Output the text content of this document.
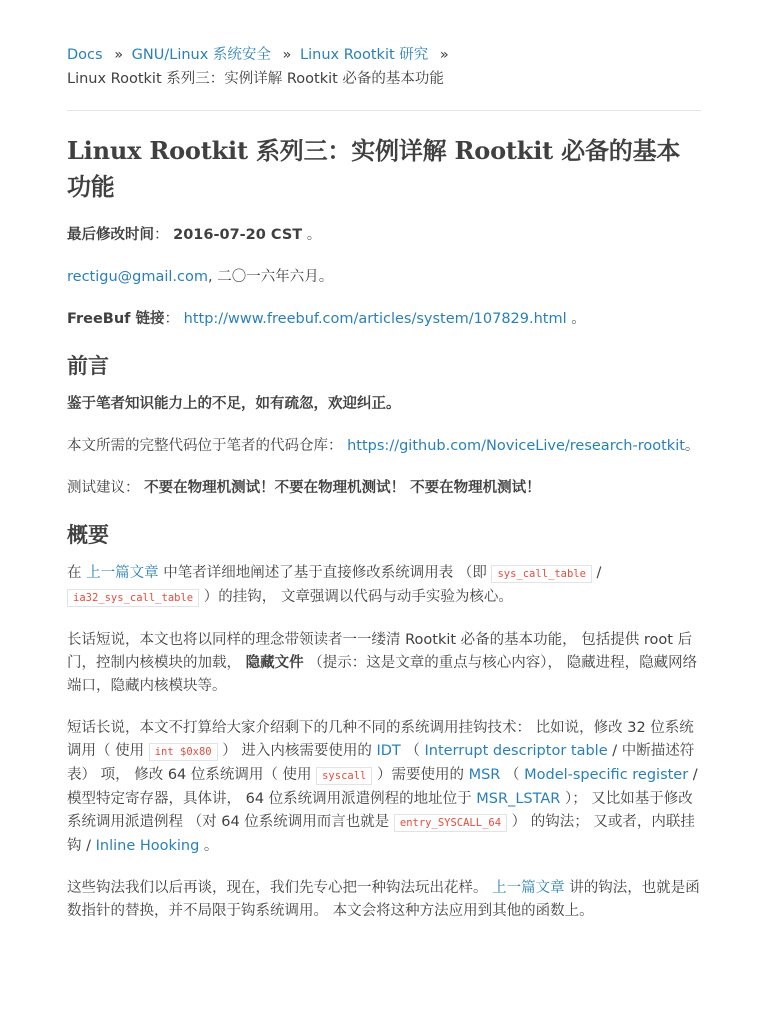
Docs » GNU/Linux 系统安全 » Linux Rootkit 研究 »
Linux Rootkit 系列三：实例详解 Rootkit 必备的基本功能
Linux Rootkit 系列三：实例详解 Rootkit 必备的基本功能

最后修改时间： 2016-07-20 CST 。

rectigu@gmail.com, 二〇一六年六月。

FreeBuf 链接： http://www.freebuf.com/articles/system/107829.html 。

前言

鉴于笔者知识能力上的不足，如有疏忽，欢迎纠正。

本文所需的完整代码位于笔者的代码仓库： https://github.com/NoviceLive/research-rootkit。

测试建议： 不要在物理机测试！不要在物理机测试！ 不要在物理机测试！

概要

在 上一篇文章 中笔者详细地阐述了基于直接修改系统调用表 （即 sys_call_table / ia32_sys_call_table ）的挂钩， 文章强调以代码与动手实验为核心。

长话短说，本文也将以同样的理念带领读者一一缕清 Rootkit 必备的基本功能， 包括提供 root 后门，控制内核模块的加载， 隐藏文件 （提示：这是文章的重点与核心内容）， 隐藏进程，隐藏网络端口，隐藏内核模块等。

短话长说，本文不打算给大家介绍剩下的几种不同的系统调用挂钩技术： 比如说，修改 32 位系统调用（ 使用 int $0x80 ） 进入内核需要使用的 IDT （ Interrupt descriptor table / 中断描述符表） 项， 修改 64 位系统调用（ 使用 syscall ）需要使用的 MSR （ Model-specific register / 模型特定寄存器，具体讲， 64 位系统调用派遣例程的地址位于 MSR_LSTAR ）； 又比如基于修改系统调用派遣例程 （对 64 位系统调用而言也就是 entry_SYSCALL_64 ） 的钩法； 又或者，内联挂钩 / Inline Hooking 。

这些钩法我们以后再谈，现在，我们先专心把一种钩法玩出花样。 上一篇文章 讲的钩法，也就是函数指针的替换，并不局限于钩系统调用。 本文会将这种方法应用到其他的函数上。
